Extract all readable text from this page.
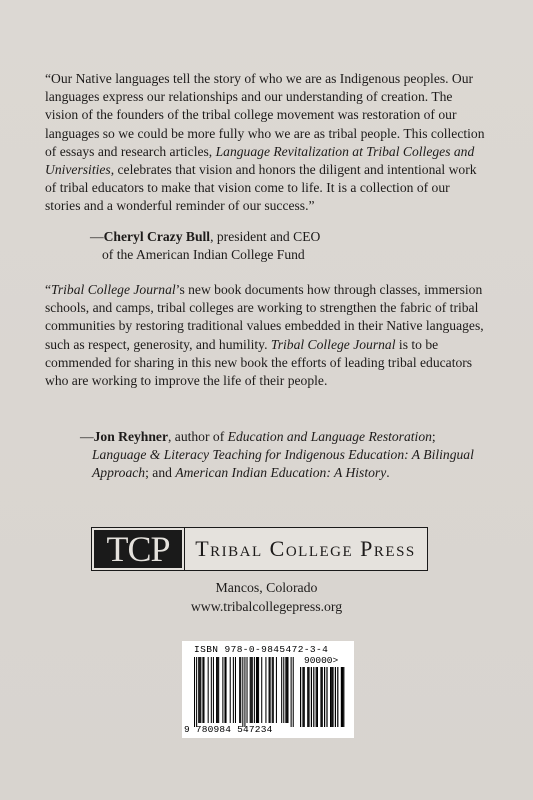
“Our Native languages tell the story of who we are as Indigenous peoples. Our languages express our relationships and our understanding of creation. The vision of the founders of the tribal college movement was restoration of our languages so we could be more fully who we are as tribal people. This collection of essays and research articles, Language Revitalization at Tribal Colleges and Universities, celebrates that vision and honors the diligent and intentional work of tribal educators to make that vision come to life. It is a collection of our stories and a wonderful reminder of our success.”
—Cheryl Crazy Bull, president and CEO
of the American Indian College Fund
“Tribal College Journal’s new book documents how through classes, immersion schools, and camps, tribal colleges are working to strengthen the fabric of tribal communities by restoring traditional values embedded in their Native languages, such as respect, generosity, and humility. Tribal College Journal is to be commended for sharing in this new book the efforts of leading tribal educators who are working to improve the life of their people.
—Jon Reyhner, author of Education and Language Restoration;
Language & Literacy Teaching for Indigenous Education: A Bilingual Approach; and American Indian Education: A History.
TCP	Tribal College Press
Mancos, Colorado
www.tribalcollegepress.org
ISBN 978-0-9845472-3-4
90000>
9 780984 547234
